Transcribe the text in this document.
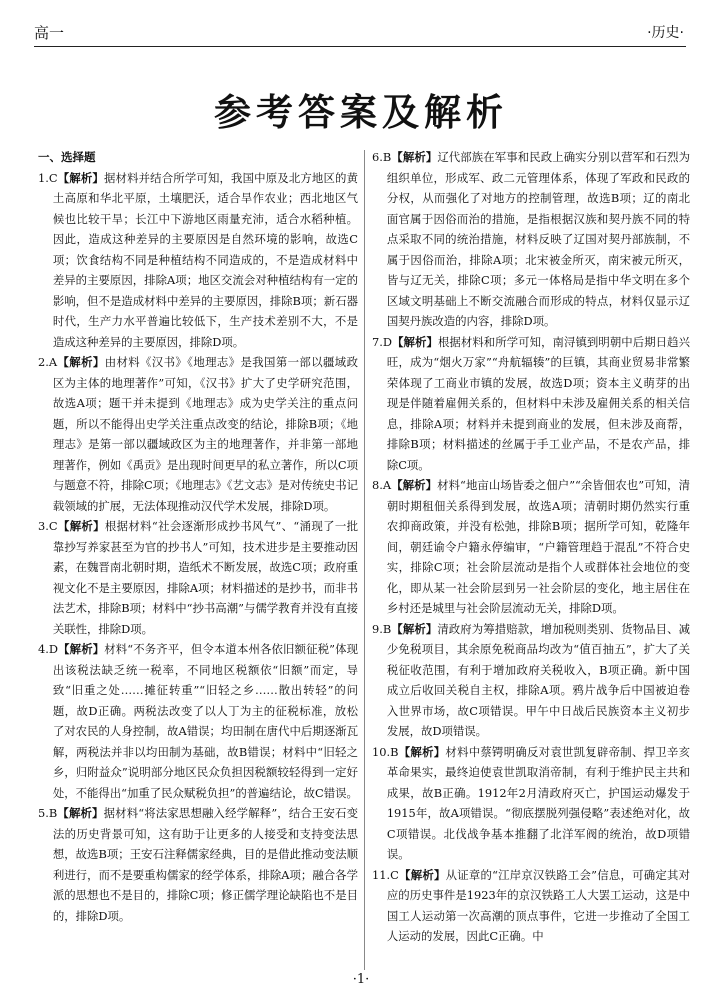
高一	·历史·
参考答案及解析
一、选择题
1.C【解析】据材料并结合所学可知，我国中原及北方地区的黄土高原和华北平原，土壤肥沃，适合旱作农业；西北地区气候也比较干旱；长江中下游地区雨量充沛，适合水稻种植。因此，造成这种差异的主要原因是自然环境的影响，故选C项；饮食结构不同是种植结构不同造成的，不是造成材料中差异的主要原因，排除A项；地区交流会对种植结构有一定的影响，但不是造成材料中差异的主要原因，排除B项；新石器时代，生产力水平普遍比较低下，生产技术差别不大，不是造成这种差异的主要原因，排除D项。
2.A【解析】由材料《汉书》《地理志》是我国第一部以疆域政区为主体的地理著作”可知，《汉书》扩大了史学研究范围，故选A项；题干并未提到《地理志》成为史学关注的重点问题，所以不能得出史学关注重点改变的结论，排除B项；《地理志》是第一部以疆域政区为主的地理著作，并非第一部地理著作，例如《禹贡》是出现时间更早的私立著作，所以C项与题意不符，排除C项；《地理志》《艺文志》是对传统史书记载领域的扩展，无法体现推动汉代学术发展，排除D项。
3.C【解析】根据材料“社会逐渐形成抄书风气”、“涌现了一批靠抄写养家甚至为官的抄书人”可知，技术进步是主要推动因素，在魏晋南北朝时期，造纸术不断发展，故选C项；政府重视文化不是主要原因，排除A项；材料描述的是抄书，而非书法艺术，排除B项；材料中“抄书高潮”与儒学教育并没有直接关联性，排除D项。
4.D【解析】材料“不务齐平，但令本道本州各依旧额征税”体现出该税法缺乏统一税率，不同地区税额依“旧额”而定，导致“旧重之处……摊征转重”“旧轻之乡……散出转轻”的问题，故D正确。两税法改变了以人丁为主的征税标准，放松了对农民的人身控制，故A错误；均田制在唐代中后期逐渐瓦解，两税法并非以均田制为基础，故B错误；材料中“旧轻之乡，归附益众”说明部分地区民众负担因税额较轻得到一定好处，不能得出“加重了民众赋税负担”的普遍结论，故C错误。
5.B【解析】据材料“将法家思想融入经学解释”，结合王安石变法的历史背景可知，这有助于让更多的人接受和支持变法思想，故选B项；王安石注释儒家经典，目的是借此推动变法顺利进行，而不是要重构儒家的经学体系，排除A项；融合各学派的思想也不是目的，排除C项；修正儒学理论缺陷也不是目的，排除D项。
6.B【解析】辽代部族在军事和民政上确实分别以营军和石烈为组织单位，形成军、政二元管理体系，体现了军政和民政的分权，从而强化了对地方的控制管理，故选B项；辽的南北面官属于因俗而治的措施，是指根据汉族和契丹族不同的特点采取不同的统治措施，材料反映了辽国对契丹部族制，不属于因俗而治，排除A项；北宋被金所灭，南宋被元所灭，皆与辽无关，排除C项；多元一体格局是指中华文明在多个区域文明基础上不断交流融合而形成的特点，材料仅显示辽国契丹族改造的内容，排除D项。
7.D【解析】根据材料和所学可知，南浔镇到明朝中后期日趋兴旺，成为“烟火万家”“舟航辐辏”的巨镇，其商业贸易非常繁荣体现了工商业市镇的发展，故选D项；资本主义萌芽的出现是伴随着雇佣关系的，但材料中未涉及雇佣关系的相关信息，排除A项；材料并未提到商业的发展，但未涉及商帮，排除B项；材料描述的丝属于手工业产品，不是农产品，排除C项。
8.A【解析】材料“地亩山场皆委之佃户”“余皆佃农也”可知，清朝时期租佃关系得到发展，故选A项；清朝时期仍然实行重农抑商政策，并没有松弛，排除B项；据所学可知，乾隆年间，朝廷谕令户籍永停编审，“户籍管理趋于混乱”不符合史实，排除C项；社会阶层流动是指个人或群体社会地位的变化，即从某一社会阶层到另一社会阶层的变化，地主居住在乡村还是城里与社会阶层流动无关，排除D项。
9.B【解析】清政府为筹措赔款，增加税则类别、货物品目、减少免税项目，其余原免税商品均改为“值百抽五”，扩大了关税征收范围，有利于增加政府关税收入，B项正确。新中国成立后收回关税自主权，排除A项。鸦片战争后中国被迫卷入世界市场，故C项错误。甲午中日战后民族资本主义初步发展，故D项错误。
10.B【解析】材料中蔡锷明确反对袁世凯复辟帝制、捍卫辛亥革命果实，最终迫使袁世凯取消帝制，有利于维护民主共和成果，故B正确。1912年2月清政府灭亡，护国运动爆发于1915年，故A项错误。“彻底摆脱列强侵略”表述绝对化，故C项错误。北伐战争基本推翻了北洋军阀的统治，故D项错误。
11.C【解析】从证章的“江岸京汉铁路工会”信息，可确定其对应的历史事件是1923年的京汉铁路工人大罢工运动，这是中国工人运动第一次高潮的顶点事件，它进一步推动了全国工人运动的发展，因此C正确。中
·1·
